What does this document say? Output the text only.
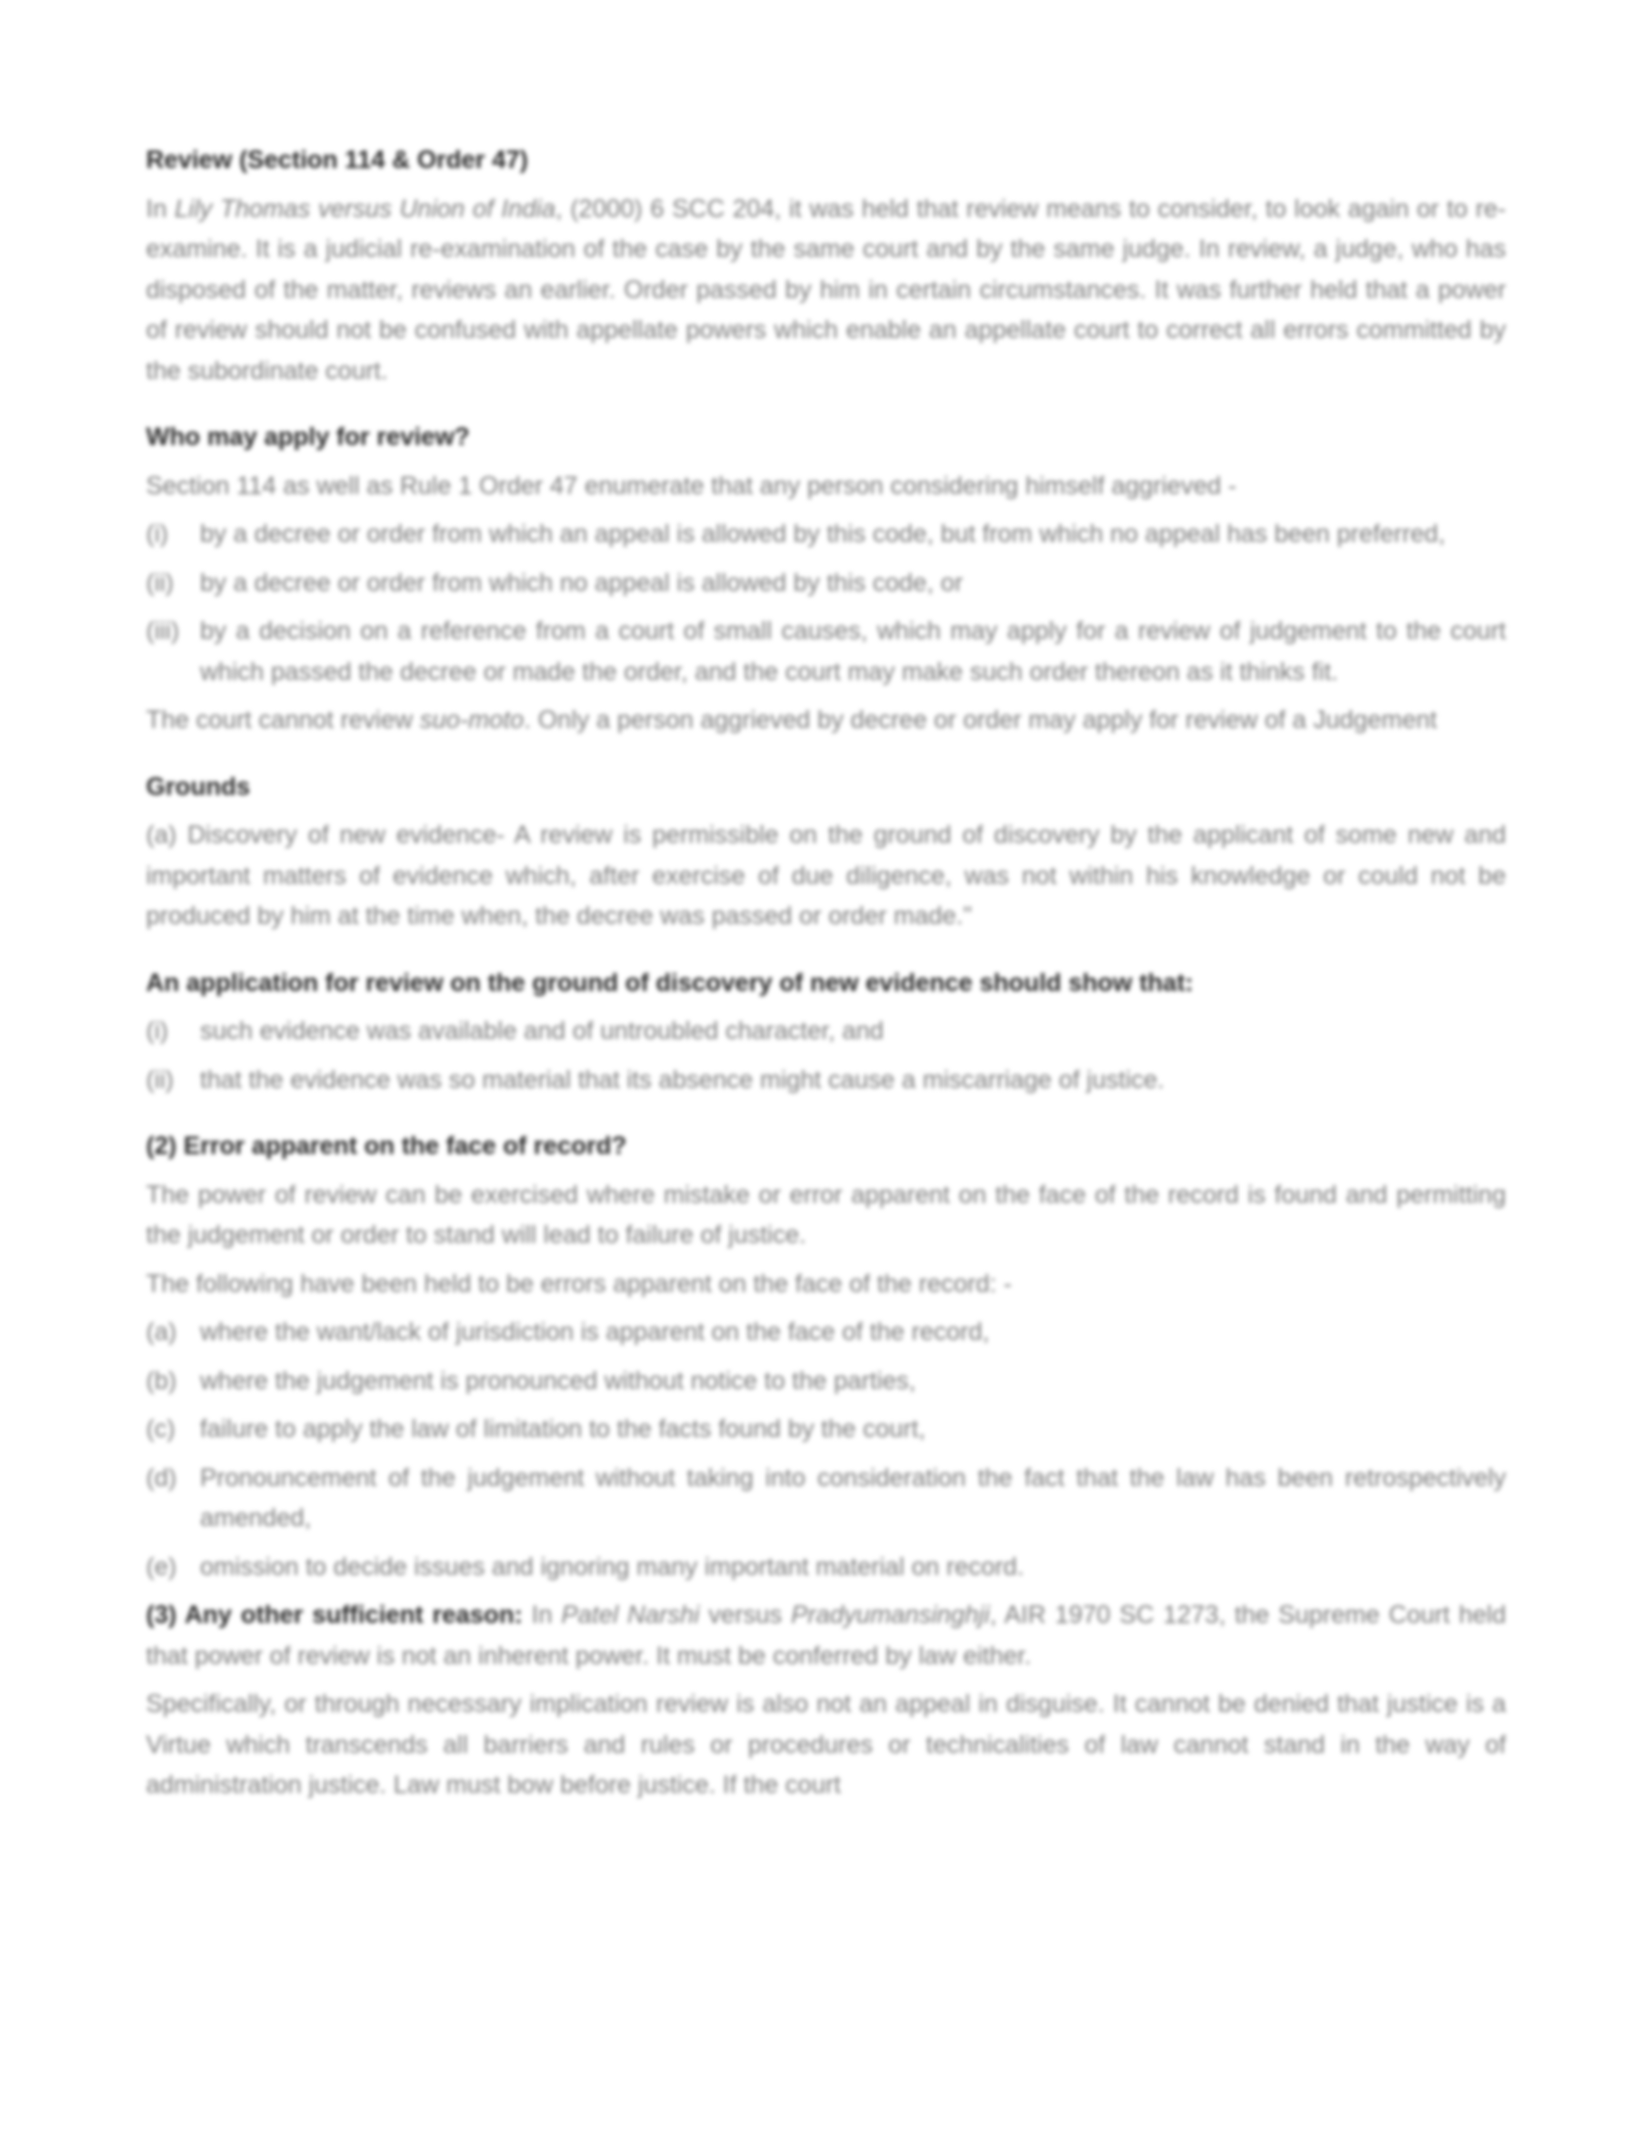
Review (Section 114 & Order 47)

In Lily Thomas versus Union of India, (2000) 6 SCC 204, it was held that review means to consider, to look again or to re-examine. It is a judicial re-examination of the case by the same court and by the same judge. In review, a judge, who has disposed of the matter, reviews an earlier. Order passed by him in certain circumstances. It was further held that a power of review should not be confused with appellate powers which enable an appellate court to correct all errors committed by the subordinate court.

Who may apply for review?

Section 114 as well as Rule 1 Order 47 enumerate that any person considering himself aggrieved -

(i)	by a decree or order from which an appeal is allowed by this code, but from which no appeal has been preferred,
(ii)	by a decree or order from which no appeal is allowed by this code, or
(iii) by a decision on a reference from a court of small causes, which may apply for a review of judgement to the court which passed the decree or made the order, and the court may make such order thereon as it thinks fit.

The court cannot review suo-moto. Only a person aggrieved by decree or order may apply for review of a Judgement

Grounds

(a) Discovery of new evidence- A review is permissible on the ground of discovery by the applicant of some new and important matters of evidence which, after exercise of due diligence, was not within his knowledge or could not be produced by him at the time when, the decree was passed or order made."

An application for review on the ground of discovery of new evidence should show that:

(i)	such evidence was available and of untroubled character, and
(ii)	that the evidence was so material that its absence might cause a miscarriage of justice.

(2) Error apparent on the face of record?

The power of review can be exercised where mistake or error apparent on the face of the record is found and permitting the judgement or order to stand will lead to failure of justice.

The following have been held to be errors apparent on the face of the record: -

(a) where the want/lack of jurisdiction is apparent on the face of the record,
(b) where the judgement is pronounced without notice to the parties,
(c) failure to apply the law of limitation to the facts found by the court,
(d) Pronouncement of the judgement without taking into consideration the fact that the law has been retrospectively amended,
(e) omission to decide issues and ignoring many important material on record.

(3) Any other sufficient reason: In Patel Narshi versus Pradyumansinghji, AIR 1970 SC 1273, the Supreme Court held that power of review is not an inherent power. It must be conferred by law either.

Specifically, or through necessary implication review is also not an appeal in disguise. It cannot be denied that justice is a Virtue which transcends all barriers and rules or procedures or technicalities of law cannot stand in the way of administration justice. Law must bow before justice. If the court
